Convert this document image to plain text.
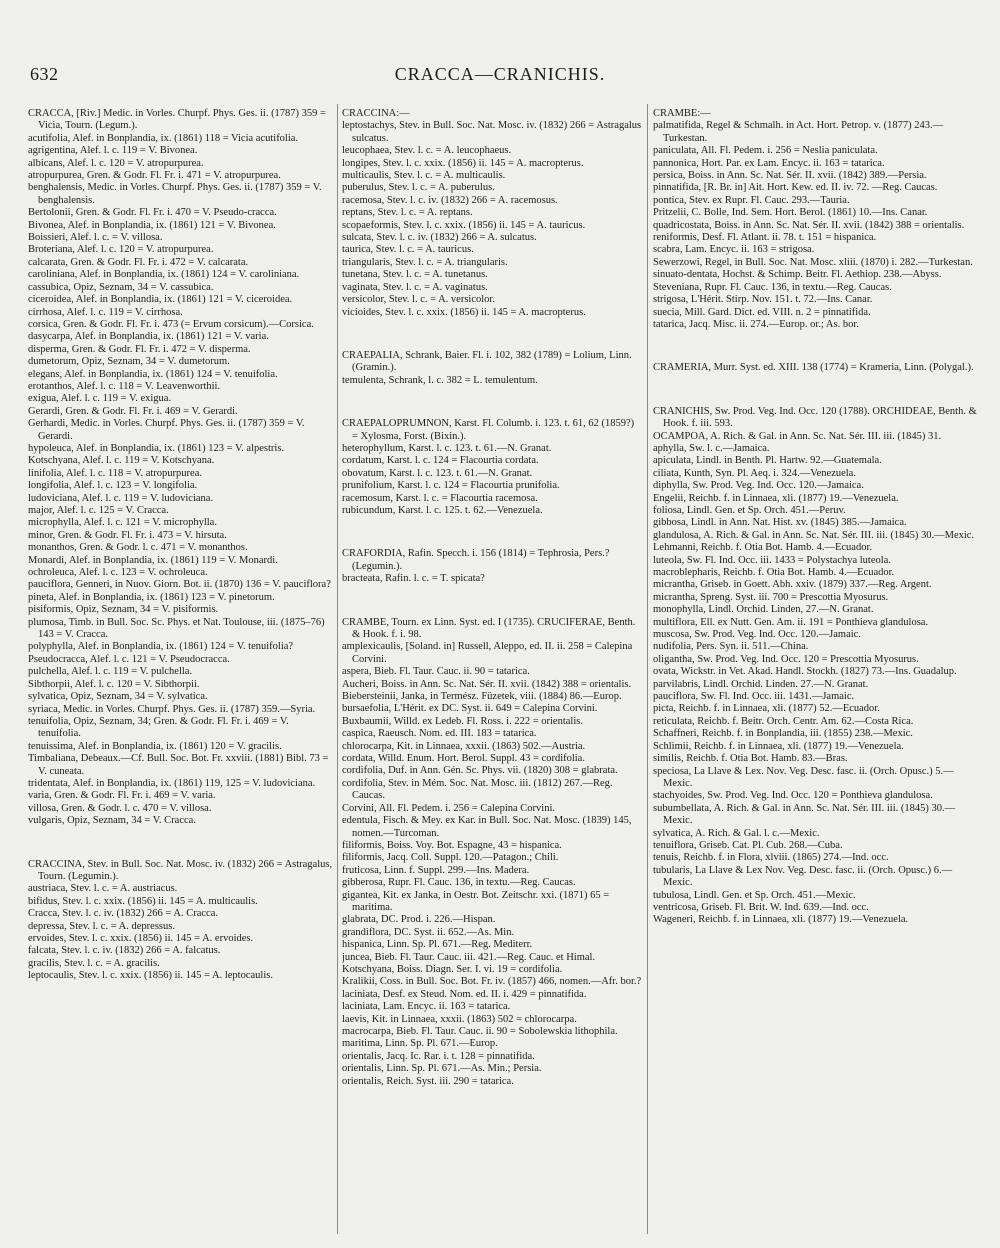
632	CRACCA—CRANICHIS.

CRACCA, [Riv.] Medic. in Vorles. Churpf. Phys. Ges. ii. (1787) 359 = Vicia, Tourn. (Legum.).

acutifolia, Alef. in Bonplandia, ix. (1861) 118 = Vicia acutifolia.

agrigentina, Alef. l. c. 119 = V. Bivonea.

albicans, Alef. l. c. 120 = V. atropurpurea.

atropurpurea, Gren. & Godr. Fl. Fr. i. 471 = V. atropurpurea.

benghalensis, Medic. in Vorles. Churpf. Phys. Ges. ii. (1787) 359 = V. benghalensis.

Bertolonii, Gren. & Godr. Fl. Fr. i. 470 = V. Pseudo-cracca.

Bivonea, Alef. in Bonplandia, ix. (1861) 121 = V. Bivonea.

Boissieri, Alef. l. c. = V. villosa.

Broteriana, Alef. l. c. 120 = V. atropurpurea.

calcarata, Gren. & Godr. Fl. Fr. i. 472 = V. calcarata.

caroliniana, Alef. in Bonplandia, ix. (1861) 124 = V. caroliniana.

cassubica, Opiz, Seznam, 34 = V. cassubica.

ciceroidea, Alef. in Bonplandia, ix. (1861) 121 = V. ciceroidea.

cirrhosa, Alef. l. c. 119 = V. cirrhosa.

corsica, Gren. & Godr. Fl. Fr. i. 473 (= Ervum corsicum).—Corsica.

dasycarpa, Alef. in Bonplandia, ix. (1861) 121 = V. varia.

disperma, Gren. & Godr. Fl. Fr. i. 472 = V. disperma.

dumetorum, Opiz, Seznam, 34 = V. dumetorum.

elegans, Alef. in Bonplandia, ix. (1861) 124 = V. tenuifolia.

erotanthos, Alef. l. c. 118 = V. Leavenworthii.

exigua, Alef. l. c. 119 = V. exigua.

Gerardi, Gren. & Godr. Fl. Fr. i. 469 = V. Gerardi.

Gerhardi, Medic. in Vorles. Churpf. Phys. Ges. ii. (1787) 359 = V. Gerardi.

hypoleuca, Alef. in Bonplandia, ix. (1861) 123 = V. alpestris.

Kotschyana, Alef. l. c. 119 = V. Kotschyana.

linifolia, Alef. l. c. 118 = V. atropurpurea.

longifolia, Alef. l. c. 123 = V. longifolia.

ludoviciana, Alef. l. c. 119 = V. ludoviciana.

major, Alef. l. c. 125 = V. Cracca.

microphylla, Alef. l. c. 121 = V. microphylla.

minor, Gren. & Godr. Fl. Fr. i. 473 = V. hirsuta.

monanthos, Gren. & Godr. l. c. 471 = V. monanthos.

Monardi, Alef. in Bonplandia, ix. (1861) 119 = V. Monardi.

ochroleuca, Alef. l. c. 123 = V. ochroleuca.

pauciflora, Genneri, in Nuov. Giorn. Bot. ii. (1870) 136 = V. pauciflora?

pineta, Alef. in Bonplandia, ix. (1861) 123 = V. pinetorum.

pisiformis, Opiz, Seznam, 34 = V. pisiformis.

plumosa, Timb. in Bull. Soc. Sc. Phys. et Nat. Toulouse, iii. (1875–76) 143 = V. Cracca.

polyphylla, Alef. in Bonplandia, ix. (1861) 124 = V. tenuifolia?

Pseudocracca, Alef. l. c. 121 = V. Pseudocracca.

pulchella, Alef. l. c. 119 = V. pulchella.

Sibthorpii, Alef. l. c. 120 = V. Sibthorpii.

sylvatica, Opiz, Seznam, 34 = V. sylvatica.

syriaca, Medic. in Vorles. Churpf. Phys. Ges. ii. (1787) 359.—Syria.

tenuifolia, Opiz, Seznam, 34; Gren. & Godr. Fl. Fr. i. 469 = V. tenuifolia.

tenuissima, Alef. in Bonplandia, ix. (1861) 120 = V. gracilis.

Timbaliana, Debeaux.—Cf. Bull. Soc. Bot. Fr. xxviii. (1881) Bibl. 73 = V. cuneata.

tridentata, Alef. in Bonplandia, ix. (1861) 119, 125 = V. ludoviciana.

varia, Gren. & Godr. Fl. Fr. i. 469 = V. varia.

villosa, Gren. & Godr. l. c. 470 = V. villosa.

vulgaris, Opiz, Seznam, 34 = V. Cracca.

CRACCINA, Stev. in Bull. Soc. Nat. Mosc. iv. (1832) 266 = Astragalus, Tourn. (Legumin.).

austriaca, Stev. l. c. = A. austriacus.

bifidus, Stev. l. c. xxix. (1856) ii. 145 = A. multicaulis.

Cracca, Stev. l. c. iv. (1832) 266 = A. Cracca.

depressa, Stev. l. c. = A. depressus.

ervoides, Stev. l. c. xxix. (1856) ii. 145 = A. ervoides.

falcata, Stev. l. c. iv. (1832) 266 = A. falcatus.

gracilis, Stev. l. c. = A. gracilis.

leptocaulis, Stev. l. c. xxix. (1856) ii. 145 = A. leptocaulis.

CRACCINA:—

leptostachys, Stev. in Bull. Soc. Nat. Mosc. iv. (1832) 266 = Astragalus sulcatus.

leucophaea, Stev. l. c. = A. leucophaeus.

longipes, Stev. l. c. xxix. (1856) ii. 145 = A. macropterus.

multicaulis, Stev. l. c. = A. multicaulis.

puberulus, Stev. l. c. = A. puberulus.

racemosa, Stev. l. c. iv. (1832) 266 = A. racemosus.

reptans, Stev. l. c. = A. reptans.

scopaeformis, Stev. l. c. xxix. (1856) ii. 145 = A. tauricus.

sulcata, Stev. l. c. iv. (1832) 266 = A. sulcatus.

taurica, Stev. l. c. = A. tauricus.

triangularis, Stev. l. c. = A. triangularis.

tunetana, Stev. l. c. = A. tunetanus.

vaginata, Stev. l. c. = A. vaginatus.

versicolor, Stev. l. c. = A. versicolor.

vicioides, Stev. l. c. xxix. (1856) ii. 145 = A. macropterus.

CRAEPALIA, Schrank, Baier. Fl. i. 102, 382 (1789) = Lolium, Linn. (Gramin.).

temulenta, Schrank, l. c. 382 = L. temulentum.

CRAEPALOPRUMNON, Karst. Fl. Columb. i. 123. t. 61, 62 (1859?) = Xylosma, Forst. (Bixin.).

heterophyllum, Karst. l. c. 123. t. 61.—N. Granat.

cordatum, Karst. l. c. 124 = Flacourtia cordata.

obovatum, Karst. l. c. 123. t. 61.—N. Granat.

prunifolium, Karst. l. c. 124 = Flacourtia prunifolia.

racemosum, Karst. l. c. = Flacourtia racemosa.

rubicundum, Karst. l. c. 125. t. 62.—Venezuela.

CRAFORDIA, Rafin. Specch. i. 156 (1814) = Tephrosia, Pers.? (Legumin.).

bracteata, Rafin. l. c. = T. spicata?

CRAMBE, Tourn. ex Linn. Syst. ed. I (1735). CRUCIFERAE, Benth. & Hook. f. i. 98.

amplexicaulis, [Soland. in] Russell, Aleppo, ed. II. ii. 258 = Calepina Corvini.

aspera, Bieb. Fl. Taur. Cauc. ii. 90 = tatarica.

Aucheri, Boiss. in Ann. Sc. Nat. Sér. II. xvii. (1842) 388 = orientalis.

Biebersteinii, Janka, in Termész. Füzetek, viii. (1884) 86.—Europ.

bursaefolia, L'Hérit. ex DC. Syst. ii. 649 = Calepina Corvini.

Buxbaumii, Willd. ex Ledeb. Fl. Ross. i. 222 = orientalis.

caspica, Raeusch. Nom. ed. III. 183 = tatarica.

chlorocarpa, Kit. in Linnaea, xxxii. (1863) 502.—Austria.

cordata, Willd. Enum. Hort. Berol. Suppl. 43 = cordifolia.

cordifolia, Duf. in Ann. Gén. Sc. Phys. vii. (1820) 308 = glabrata.

cordifolia, Stev. in Mém. Soc. Nat. Mosc. iii. (1812) 267.—Reg. Caucas.

Corvini, All. Fl. Pedem. i. 256 = Calepina Corvini.

edentula, Fisch. & Mey. ex Kar. in Bull. Soc. Nat. Mosc. (1839) 145, nomen.—Turcoman.

filiformis, Boiss. Voy. Bot. Espagne, 43 = hispanica.

filiformis, Jacq. Coll. Suppl. 120.—Patagon.; Chili.

fruticosa, Linn. f. Suppl. 299.—Ins. Madera.

gibberosa, Rupr. Fl. Cauc. 136, in textu.—Reg. Caucas.

gigantea, Kit. ex Janka, in Oestr. Bot. Zeitschr. xxi. (1871) 65 = maritima.

glabrata, DC. Prod. i. 226.—Hispan.

grandiflora, DC. Syst. ii. 652.—As. Min.

hispanica, Linn. Sp. Pl. 671.—Reg. Mediterr.

juncea, Bieb. Fl. Taur. Cauc. iii. 421.—Reg. Cauc. et Himal.

Kotschyana, Boiss. Diagn. Ser. I. vi. 19 = cordifolia.

Kralikii, Coss. in Bull. Soc. Bot. Fr. iv. (1857) 466, nomen.—Afr. bor.?

laciniata, Desf. ex Steud. Nom. ed. II. i. 429 = pinnatifida.

laciniata, Lam. Encyc. ii. 163 = tatarica.

laevis, Kit. in Linnaea, xxxii. (1863) 502 = chlorocarpa.

macrocarpa, Bieb. Fl. Taur. Cauc. ii. 90 = Sobolewskia lithophila.

maritima, Linn. Sp. Pl. 671.—Europ.

orientalis, Jacq. Ic. Rar. i. t. 128 = pinnatifida.

orientalis, Linn. Sp. Pl. 671.—As. Min.; Persia.

orientalis, Reich. Syst. iii. 290 = tatarica.

CRAMBE:—

palmatifida, Regel & Schmalh. in Act. Hort. Petrop. v. (1877) 243.—Turkestan.

paniculata, All. Fl. Pedem. i. 256 = Neslia paniculata.

pannonica, Hort. Par. ex Lam. Encyc. ii. 163 = tatarica.

persica, Boiss. in Ann. Sc. Nat. Sér. II. xvii. (1842) 389.—Persia.

pinnatifida, [R. Br. in] Ait. Hort. Kew. ed. II. iv. 72. —Reg. Caucas.

pontica, Stev. ex Rupr. Fl. Cauc. 293.—Tauria.

Pritzelii, C. Bolle, Ind. Sem. Hort. Berol. (1861) 10.—Ins. Canar.

quadricostata, Boiss. in Ann. Sc. Nat. Sér. II. xvii. (1842) 388 = orientalis.

reniformis, Desf. Fl. Atlant. ii. 78. t. 151 = hispanica.

scabra, Lam. Encyc. ii. 163 = strigosa.

Sewerzowi, Regel, in Bull. Soc. Nat. Mosc. xliii. (1870) i. 282.—Turkestan.

sinuato-dentata, Hochst. & Schimp. Beitr. Fl. Aethiop. 238.—Abyss.

Steveniana, Rupr. Fl. Cauc. 136, in textu.—Reg. Caucas.

strigosa, L'Hérit. Stirp. Nov. 151. t. 72.—Ins. Canar.

suecia, Mill. Gard. Dict. ed. VIII. n. 2 = pinnatifida.

tatarica, Jacq. Misc. ii. 274.—Europ. or.; As. bor.

CRAMERIA, Murr. Syst. ed. XIII. 138 (1774) = Krameria, Linn. (Polygal.).

CRANICHIS, Sw. Prod. Veg. Ind. Occ. 120 (1788). ORCHIDEAE, Benth. & Hook. f. iii. 593.

OCAMPOA, A. Rich. & Gal. in Ann. Sc. Nat. Sér. III. iii. (1845) 31.

aphylla, Sw. l. c.—Jamaica.

apiculata, Lindl. in Benth. Pl. Hartw. 92.—Guatemala.

ciliata, Kunth, Syn. Pl. Aeq. i. 324.—Venezuela.

diphylla, Sw. Prod. Veg. Ind. Occ. 120.—Jamaica.

Engelii, Reichb. f. in Linnaea, xli. (1877) 19.—Venezuela.

foliosa, Lindl. Gen. et Sp. Orch. 451.—Peruv.

gibbosa, Lindl. in Ann. Nat. Hist. xv. (1845) 385.—Jamaica.

glandulosa, A. Rich. & Gal. in Ann. Sc. Nat. Sér. III. iii. (1845) 30.—Mexic.

Lehmanni, Reichb. f. Otia Bot. Hamb. 4.—Ecuador.

luteola, Sw. Fl. Ind. Occ. iii. 1433 = Polystachya luteola.

macroblepharis, Reichb. f. Otia Bot. Hamb. 4.—Ecuador.

micrantha, Griseb. in Goett. Abh. xxiv. (1879) 337.—Reg. Argent.

micrantha, Spreng. Syst. iii. 700 = Prescottia Myosurus.

monophylla, Lindl. Orchid. Linden, 27.—N. Granat.

multiflora, Ell. ex Nutt. Gen. Am. ii. 191 = Ponthieva glandulosa.

muscosa, Sw. Prod. Veg. Ind. Occ. 120.—Jamaic.

nudifolia, Pers. Syn. ii. 511.—China.

oligantha, Sw. Prod. Veg. Ind. Occ. 120 = Prescottia Myosurus.

ovata, Wickstr. in Vet. Akad. Handl. Stockh. (1827) 73.—Ins. Guadalup.

parvilabris, Lindl. Orchid. Linden. 27.—N. Granat.

pauciflora, Sw. Fl. Ind. Occ. iii. 1431.—Jamaic.

picta, Reichb. f. in Linnaea, xli. (1877) 52.—Ecuador.

reticulata, Reichb. f. Beitr. Orch. Centr. Am. 62.—Costa Rica.

Schaffneri, Reichb. f. in Bonplandia, iii. (1855) 238.—Mexic.

Schlimii, Reichb. f. in Linnaea, xli. (1877) 19.—Venezuela.

similis, Reichb. f. Otia Bot. Hamb. 83.—Bras.

speciosa, La Llave & Lex. Nov. Veg. Desc. fasc. ii. (Orch. Opusc.) 5.—Mexic.

stachyoides, Sw. Prod. Veg. Ind. Occ. 120 = Ponthieva glandulosa.

subumbellata, A. Rich. & Gal. in Ann. Sc. Nat. Sér. III. iii. (1845) 30.—Mexic.

sylvatica, A. Rich. & Gal. l. c.—Mexic.

tenuiflora, Griseb. Cat. Pl. Cub. 268.—Cuba.

tenuis, Reichb. f. in Flora, xlviii. (1865) 274.—Ind. occ.

tubularis, La Llave & Lex Nov. Veg. Desc. fasc. ii. (Orch. Opusc.) 6.—Mexic.

tubulosa, Lindl. Gen. et Sp. Orch. 451.—Mexic.

ventricosa, Griseb. Fl. Brit. W. Ind. 639.—Ind. occ.

Wageneri, Reichb. f. in Linnaea, xli. (1877) 19.—Venezuela.
